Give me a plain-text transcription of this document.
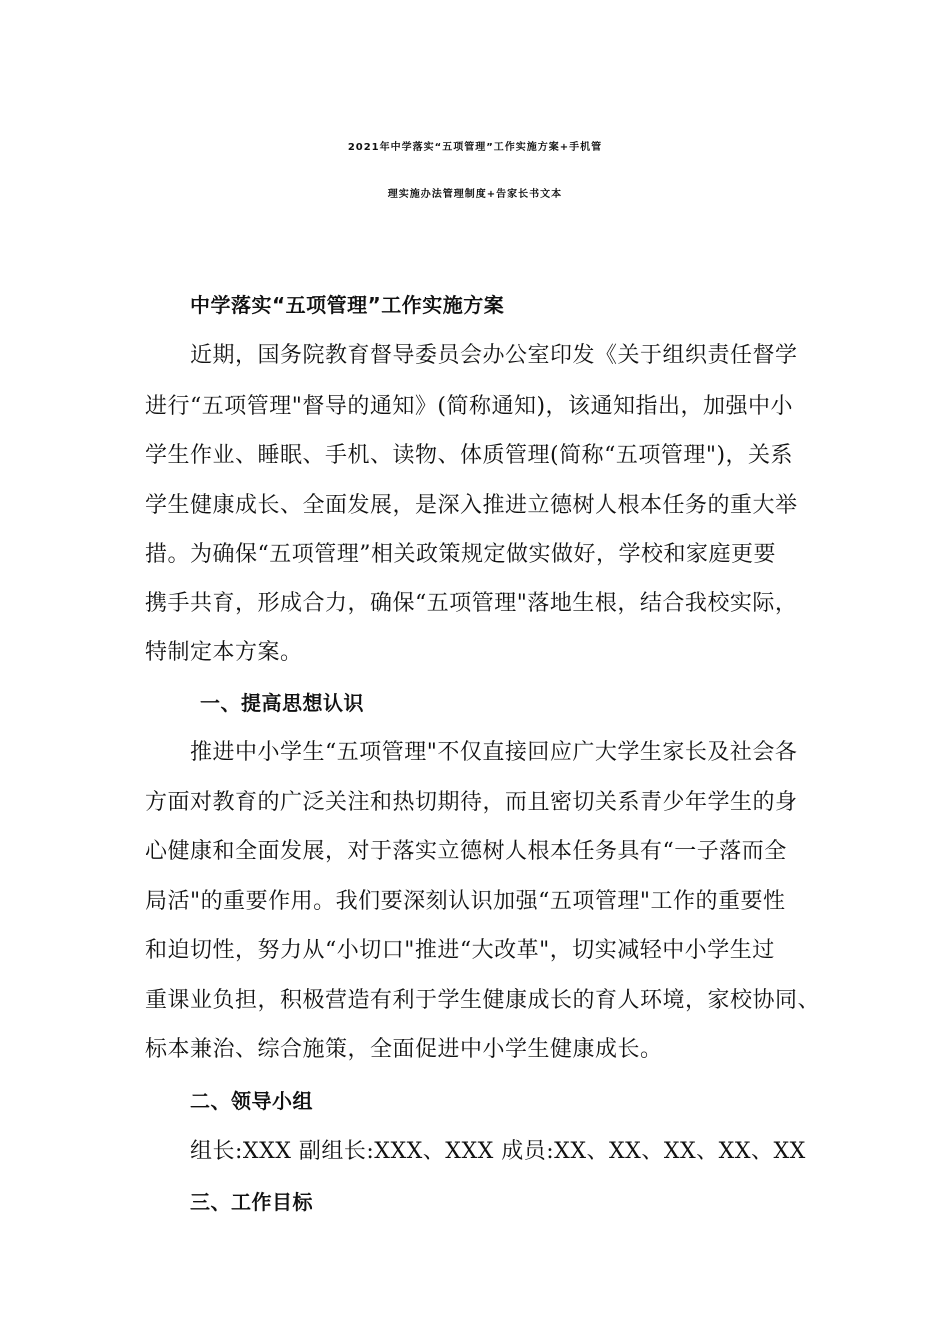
2021年中学落实“五项管理”工作实施方案+手机管
理实施办法管理制度+告家长书文本
中学落实“五项管理”工作实施方案
近期，国务院教育督导委员会办公室印发《关于组织责任督学
进行“五项管理"督导的通知》(简称通知)，该通知指出，加强中小
学生作业、睡眠、手机、读物、体质管理(简称“五项管理")，关系
学生健康成长、全面发展，是深入推进立德树人根本任务的重大举
措。为确保“五项管理”相关政策规定做实做好，学校和家庭更要
携手共育，形成合力，确保“五项管理"落地生根，结合我校实际，
特制定本方案。
一、提高思想认识
推进中小学生“五项管理"不仅直接回应广大学生家长及社会各
方面对教育的广泛关注和热切期待，而且密切关系青少年学生的身
心健康和全面发展，对于落实立德树人根本任务具有“一子落而全
局活"的重要作用。我们要深刻认识加强“五项管理"工作的重要性
和迫切性，努力从“小切口"推进“大改革"，切实减轻中小学生过
重课业负担，积极营造有利于学生健康成长的育人环境，家校协同、
标本兼治、综合施策，全面促进中小学生健康成长。
二、领导小组
组长:XXX 副组长:XXX、XXX 成员:XX、XX、XX、XX、XX
三、工作目标
